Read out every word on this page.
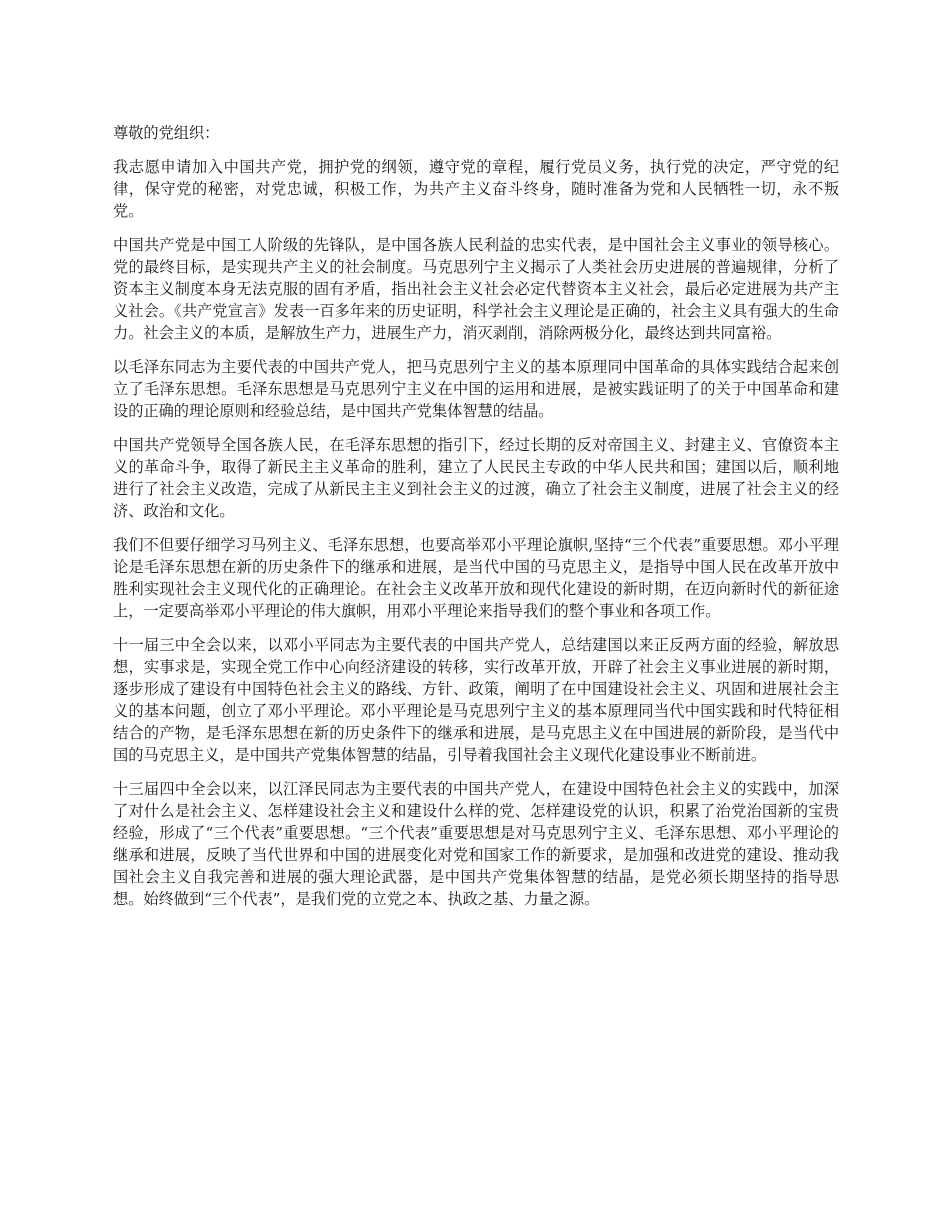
尊敬的党组织：

我志愿申请加入中国共产党，拥护党的纲领，遵守党的章程，履行党员义务，执行党的决定，严守党的纪律，保守党的秘密，对党忠诚，积极工作，为共产主义奋斗终身，随时准备为党和人民牺牲一切，永不叛党。

中国共产党是中国工人阶级的先锋队，是中国各族人民利益的忠实代表，是中国社会主义事业的领导核心。党的最终目标，是实现共产主义的社会制度。马克思列宁主义揭示了人类社会历史进展的普遍规律，分析了资本主义制度本身无法克服的固有矛盾，指出社会主义社会必定代替资本主义社会，最后必定进展为共产主义社会。《共产党宣言》发表一百多年来的历史证明，科学社会主义理论是正确的，社会主义具有强大的生命力。社会主义的本质，是解放生产力，进展生产力，消灭剥削，消除两极分化，最终达到共同富裕。

以毛泽东同志为主要代表的中国共产党人，把马克思列宁主义的基本原理同中国革命的具体实践结合起来创立了毛泽东思想。毛泽东思想是马克思列宁主义在中国的运用和进展，是被实践证明了的关于中国革命和建设的正确的理论原则和经验总结，是中国共产党集体智慧的结晶。

中国共产党领导全国各族人民，在毛泽东思想的指引下，经过长期的反对帝国主义、封建主义、官僚资本主义的革命斗争，取得了新民主主义革命的胜利，建立了人民民主专政的中华人民共和国；建国以后，顺利地进行了社会主义改造，完成了从新民主主义到社会主义的过渡，确立了社会主义制度，进展了社会主义的经济、政治和文化。

我们不但要仔细学习马列主义、毛泽东思想，也要高举邓小平理论旗帜,坚持“三个代表”重要思想。邓小平理论是毛泽东思想在新的历史条件下的继承和进展，是当代中国的马克思主义，是指导中国人民在改革开放中胜利实现社会主义现代化的正确理论。在社会主义改革开放和现代化建设的新时期，在迈向新时代的新征途上，一定要高举邓小平理论的伟大旗帜，用邓小平理论来指导我们的整个事业和各项工作。

十一届三中全会以来，以邓小平同志为主要代表的中国共产党人，总结建国以来正反两方面的经验，解放思想，实事求是，实现全党工作中心向经济建设的转移，实行改革开放，开辟了社会主义事业进展的新时期，逐步形成了建设有中国特色社会主义的路线、方针、政策，阐明了在中国建设社会主义、巩固和进展社会主义的基本问题，创立了邓小平理论。邓小平理论是马克思列宁主义的基本原理同当代中国实践和时代特征相结合的产物，是毛泽东思想在新的历史条件下的继承和进展，是马克思主义在中国进展的新阶段，是当代中国的马克思主义，是中国共产党集体智慧的结晶，引导着我国社会主义现代化建设事业不断前进。

十三届四中全会以来，以江泽民同志为主要代表的中国共产党人，在建设中国特色社会主义的实践中，加深了对什么是社会主义、怎样建设社会主义和建设什么样的党、怎样建设党的认识，积累了治党治国新的宝贵经验，形成了“三个代表”重要思想。“三个代表”重要思想是对马克思列宁主义、毛泽东思想、邓小平理论的继承和进展，反映了当代世界和中国的进展变化对党和国家工作的新要求，是加强和改进党的建设、推动我国社会主义自我完善和进展的强大理论武器，是中国共产党集体智慧的结晶，是党必须长期坚持的指导思想。始终做到“三个代表”，是我们党的立党之本、执政之基、力量之源。
